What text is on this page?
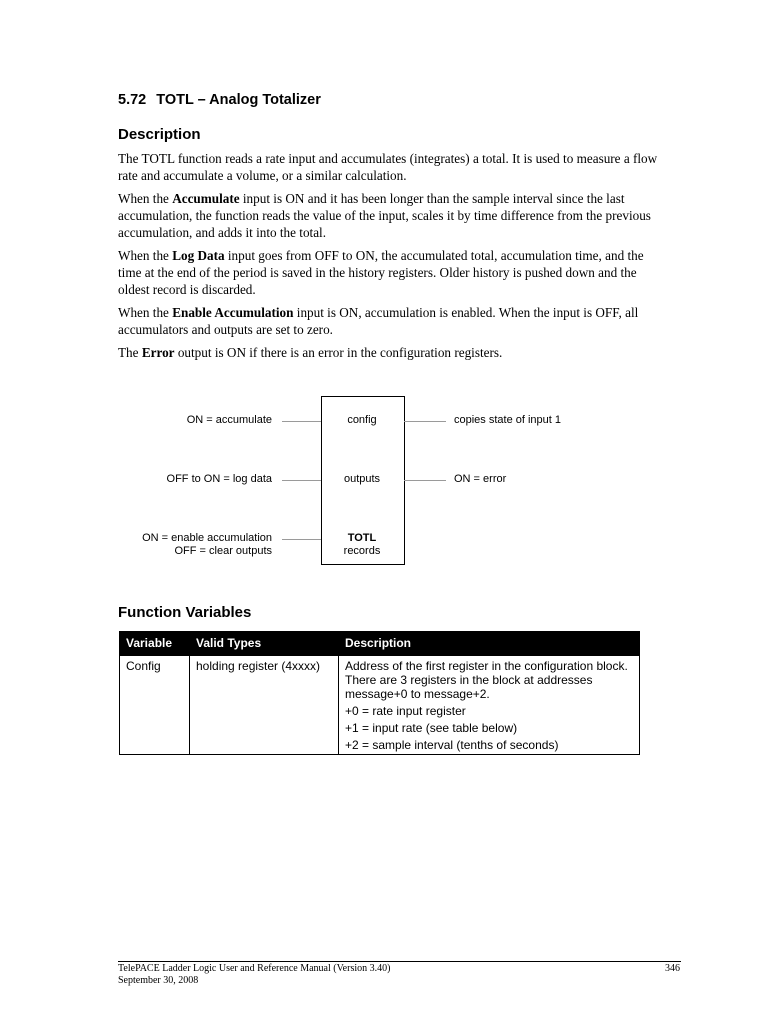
5.72 TOTL – Analog Totalizer
Description
The TOTL function reads a rate input and accumulates (integrates) a total. It is used to measure a flow rate and accumulate a volume, or a similar calculation.
When the Accumulate input is ON and it has been longer than the sample interval since the last accumulation, the function reads the value of the input, scales it by time difference from the previous accumulation, and adds it into the total.
When the Log Data input goes from OFF to ON, the accumulated total, accumulation time, and the time at the end of the period is saved in the history registers. Older history is pushed down and the oldest record is discarded.
When the Enable Accumulation input is ON, accumulation is enabled. When the input is OFF, all accumulators and outputs are set to zero.
The Error output is ON if there is an error in the configuration registers.
ON = accumulate
OFF to ON = log data
ON = enable accumulation
OFF = clear outputs
copies state of input 1
ON = error
config
outputs
TOTL
records
Function Variables
Variable	Valid Types	Description
Config	holding register (4xxxx)	Address of the first register in the configuration block. There are 3 registers in the block at addresses message+0 to message+2.
+0 = rate input register
+1 = input rate (see table below)
+2 = sample interval (tenths of seconds)
TelePACE Ladder Logic User and Reference Manual (Version 3.40)
September 30, 2008
346
